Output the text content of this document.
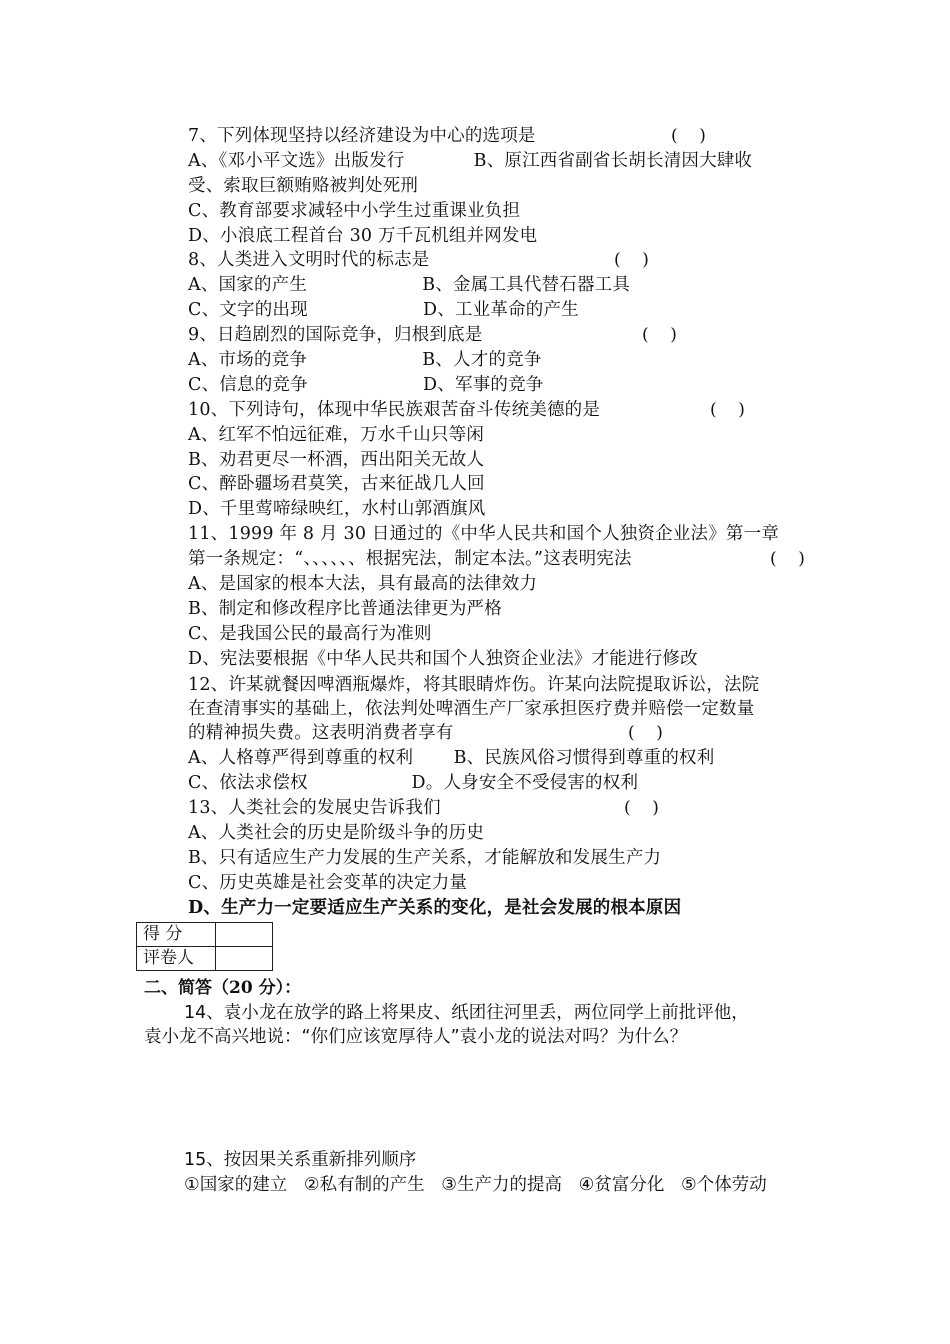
7、下列体现坚持以经济建设为中心的选项是	(    )
A、《邓小平文选》出版发行            B、原江西省副省长胡长清因大肆收
受、索取巨额贿赂被判处死刑
C、教育部要求减轻中小学生过重课业负担
D、小浪底工程首台 30 万千瓦机组并网发电
8、人类进入文明时代的标志是	(    )
A、国家的产生                    B、金属工具代替石器工具
C、文字的出现                    D、工业革命的产生
9、日趋剧烈的国际竞争，归根到底是	(    )
A、市场的竞争                    B、人才的竞争
C、信息的竞争                    D、军事的竞争
10、下列诗句，体现中华民族艰苦奋斗传统美德的是	(    )
A、红军不怕远征难，万水千山只等闲
B、劝君更尽一杯酒，西出阳关无故人
C、醉卧疆场君莫笑，古来征战几人回
D、千里莺啼绿映红，水村山郭酒旗风
11、1999 年 8 月 30 日通过的《中华人民共和国个人独资企业法》第一章
第一条规定：“、、、、、、根据宪法，制定本法。”这表明宪法	(    )
A、是国家的根本大法，具有最高的法律效力
B、制定和修改程序比普通法律更为严格
C、是我国公民的最高行为准则
D、宪法要根据《中华人民共和国个人独资企业法》才能进行修改
12、许某就餐因啤酒瓶爆炸，将其眼睛炸伤。许某向法院提取诉讼，法院
在查清事实的基础上，依法判处啤酒生产厂家承担医疗费并赔偿一定数量
的精神损失费。这表明消费者享有	(    )
A、人格尊严得到尊重的权利       B、民族风俗习惯得到尊重的权利
C、依法求偿权                  D。人身安全不受侵害的权利
13、人类社会的发展史告诉我们	(    )
A、人类社会的历史是阶级斗争的历史
B、只有适应生产力发展的生产关系，才能解放和发展生产力
C、历史英雄是社会变革的决定力量
D、生产力一定要适应生产关系的变化，是社会发展的根本原因
得 分	
评卷人	
二、简答（20 分）：
14、袁小龙在放学的路上将果皮、纸团往河里丢，两位同学上前批评他，
袁小龙不高兴地说：“你们应该宽厚待人”袁小龙的说法对吗？为什么？
15、按因果关系重新排列顺序
①国家的建立   ②私有制的产生   ③生产力的提高   ④贫富分化   ⑤个体劳动
